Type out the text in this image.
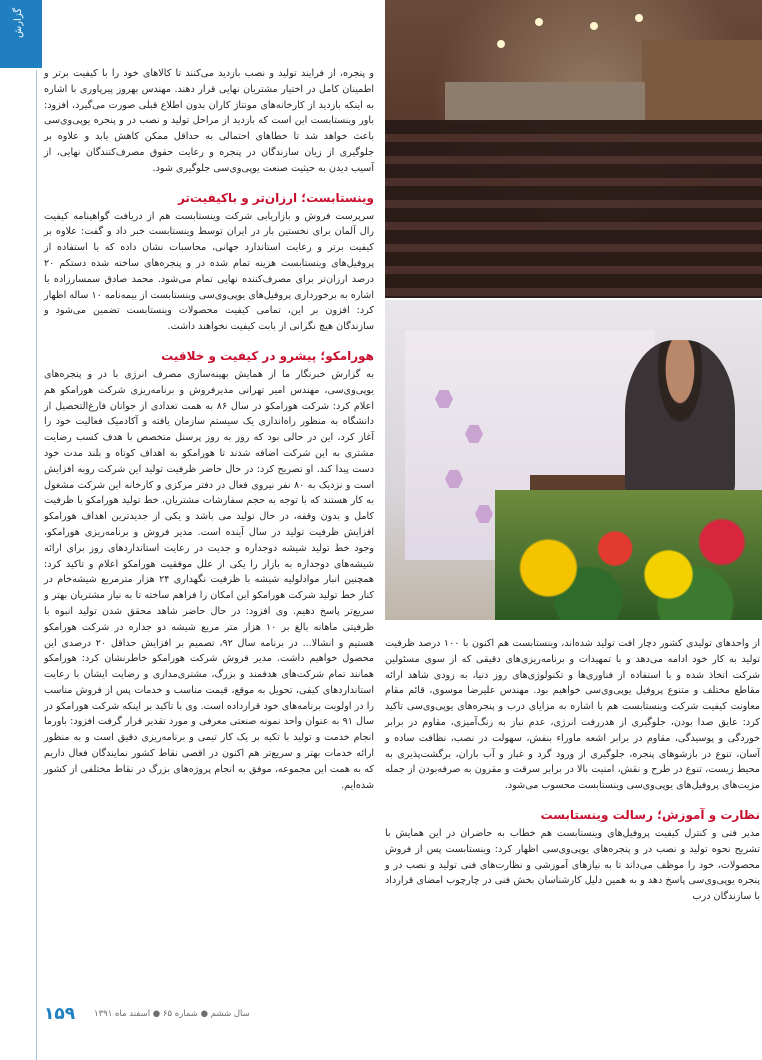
گزارش

و پنجره، از فرایند تولید و نصب بازدید می‌کنند تا کالاهای خود را با کیفیت برتر و اطمینان کامل در اختیار مشتریان نهایی قرار دهند. مهندس بهروز پیرپاوری با اشاره به اینکه بازدید از کارخانه‌های مونتاژ کاران بدون اطلاع قبلی صورت می‌گیرد، افزود: باور وینستابست این است که بازدید از مراحل تولید و نصب در و پنجره یوپی‌وی‌سی باعث خواهد شد تا خطاهای احتمالی به حداقل ممکن کاهش یابد و علاوه بر جلوگیری از زیان سازندگان در پنجره و رعایت حقوق مصرف‌کنندگان نهایی، از آسیب دیدن به حیثیت صنعت یوپی‌وی‌سی جلوگیری شود.

وینستابست؛ ارزان‌تر و باکیفیت‌تر

سرپرست فروش و بازاریابی شرکت وینستابست هم از دریافت گواهینامه کیفیت رال آلمان برای نخستین بار در ایران توسط وینستابست خبر داد و گفت: علاوه بر کیفیت برتر و رعایت استاندارد جهانی، محاسبات نشان داده که با استفاده از پروفیل‌های وینستابست هزینه تمام شده در و پنجره‌های ساخته شده دستکم ۲۰ درصد ارزان‌تر برای مصرف‌کننده نهایی تمام می‌شود. محمد صادق سمسارزاده با اشاره به برخورداری پروفیل‌های یوپی‌وی‌سی وینستابست از بیمه‌نامه ۱۰ ساله اظهار کرد: افزون بر این، تمامی کیفیت محصولات وینستابست تضمین می‌شود و سازندگان هیچ نگرانی از بابت کیفیت نخواهند داشت.

هورامکو؛ پیشرو در کیفیت و خلاقیت

به گزارش خبرنگار ما از همایش بهینه‌سازی مصرف انرژی با در و پنجره‌های یوپی‌وی‌سی، مهندس امیر تهرانی مدیرفروش و برنامه‌ریزی شرکت هورامکو هم اعلام کرد: شرکت هورامکو در سال ۸۶ به همت تعدادی از جوانان فارغ‌التحصیل از دانشگاه به منظور راه‌اندازی یک سیستم سازمان یافته و آکادمیک فعالیت خود را آغاز کرد، این در حالی بود که روز به روز پرسنل متخصص با هدف کسب رضایت مشتری به این شرکت اضافه شدند تا هورامکو به اهداف کوتاه و بلند مدت خود دست پیدا کند. او تصریح کرد: در حال حاضر ظرفیت تولید این شرکت روبه افزایش است و نزدیک به ۸۰ نفر نیروی فعال در دفتر مرکزی و کارخانه این شرکت مشغول به کار هستند که با توجه به حجم سفارشات مشتریان، خط تولید هورامکو با ظرفیت کامل و بدون وقفه، در حال تولید می باشد و یکی از جدیدترین اهداف هورامکو افزایش ظرفیت تولید در سال آینده است. مدیر فروش و برنامه‌ریزی هورامکو، وجود خط تولید شیشه دوجداره و جدیت در رعایت استانداردهای روز برای ارائه شیشه‌های دوجداره به بازار را یکی از علل موفقیت هورامکو اعلام و تاکید کرد: همچنین انبار موادلولیه شیشه با ظرفیت نگهداری ۲۴ هزار مترمربع شیشه‌خام در کنار خط تولید شرکت هورامکو این امکان را فراهم ساخته تا به نیاز مشتریان بهتر و سریع‌تر پاسخ دهیم. وی افزود: در حال حاضر شاهد محقق شدن تولید انبوه با ظرفیتی ماهانه بالغ بر ۱۰ هزار متر مربع شیشه دو جداره در شرکت هورامکو هستیم و انشالا... در برنامه سال ۹۲، تصمیم بر افزایش حداقل ۲۰ درصدی این محصول خواهیم داشت. مدیر فروش شرکت هورامکو خاطرنشان کرد: هورامکو همانند تمام شرکت‌های هدفمند و بزرگ، مشتری‌مداری و رضایت ایشان با رعایت استانداردهای کیفی، تحویل به موقع، قیمت مناسب و خدمات پس از فروش مناسب را در اولویت برنامه‌های خود قرارداده است. وی با تاکید بر اینکه شرکت هورامکو در سال ۹۱ به عنوان واحد نمونه صنعتی معرفی و مورد تقدیر قرار گرفت افزود: باورما انجام خدمت و تولید با تکیه بر یک کار تیمی و برنامه‌ریزی دقیق است و به منظور ارائه خدمات بهتر و سریع‌تر هم اکنون در اقصی نقاط کشور نمایندگان فعال داریم که به همت این مجموعه، موفق به انجام پروژه‌های بزرگ در نقاط مختلفی از کشور شده‌ایم.

از واحدهای تولیدی کشور دچار افت تولید شده‌اند، وینستابست هم اکنون با ۱۰۰ درصد ظرفیت تولید به کار خود ادامه می‌دهد و با تمهیدات و برنامه‌ریزی‌های دقیقی که از سوی مسئولین شرکت اتخاذ شده و با استفاده از فناوری‌ها و تکنولوژی‌های روز دنیا، به زودی شاهد ارائه مقاطع مختلف و متنوع پروفیل یوپی‌وی‌سی خواهیم بود. مهندس علیرضا موسوی، قائم مقام معاونت کیفیت شرکت وینستابست هم با اشاره به مزایای درب و پنجره‌های یوپی‌وی‌سی تاکید کرد: عایق صدا بودن، جلوگیری از هدررفت انرژی، عدم نیاز به رنگ‌آمیزی، مقاوم در برابر خوردگی و پوسیدگی، مقاوم در برابر اشعه ماوراء بنفش، سهولت در نصب، نظافت ساده و آسان، تنوع در بازشوهای پنجره، جلوگیری از ورود گرد و غبار و آب باران، برگشت‌پذیری به محیط زیست، تنوع در طرح و نقش، امنیت بالا در برابر سرقت و مقرون به صرفه‌بودن از جمله مزیت‌های پروفیل‌های یوپی‌وی‌سی وینستابست محسوب می‌شود.

نظارت و آموزش؛ رسالت وینستابست

مدیر فنی و کنترل کیفیت پروفیل‌های وینستابست هم خطاب به حاضران در این همایش با تشریح نحوه تولید و نصب در و پنجره‌های یوپی‌وی‌سی اظهار کرد: وینستابست پس از فروش محصولات، خود را موظف می‌داند تا به نیازهای آموزشی و نظارت‌های فنی تولید و نصب در و پنجره یوپی‌وی‌سی پاسخ دهد و به همین دلیل کارشناسان بخش فنی در چارچوب امضای قرارداد با سازندگان درب

۱۵۹ سال ششم ● شماره ۶۵ ● اسفند ماه ۱۳۹۱
